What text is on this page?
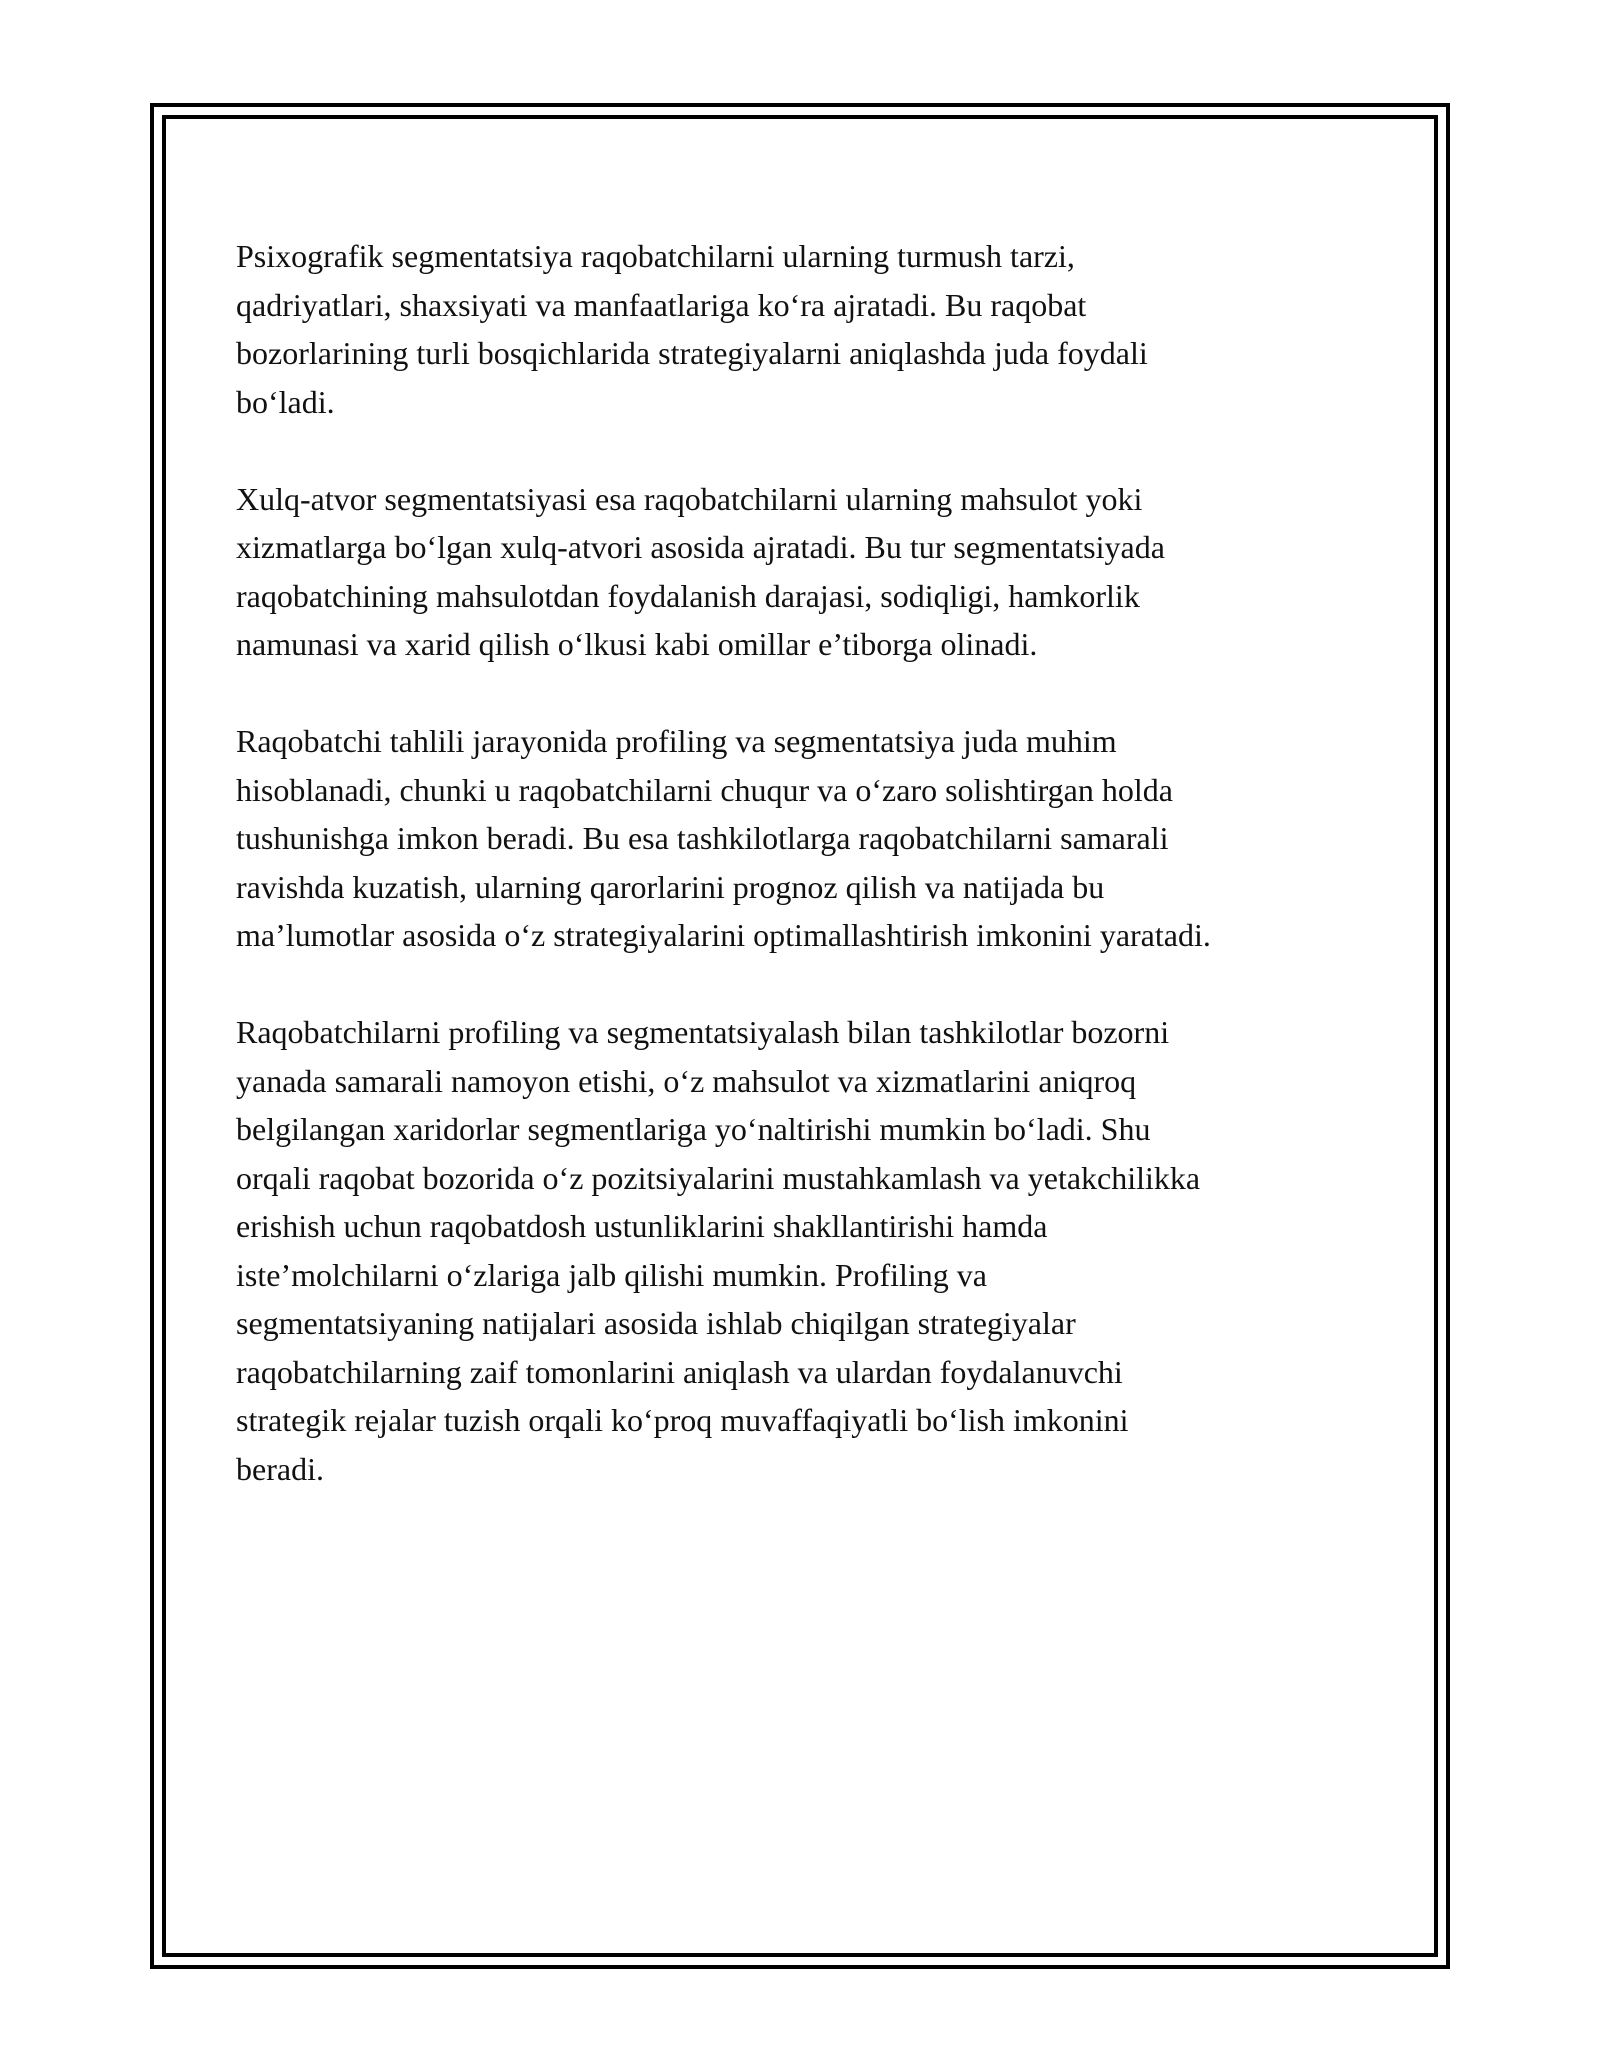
Psixografik segmentatsiya raqobatchilarni ularning turmush tarzi,
qadriyatlari, shaxsiyati va manfaatlariga koʻra ajratadi. Bu raqobat
bozorlarining turli bosqichlarida strategiyalarni aniqlashda juda foydali
boʻladi.

Xulq-atvor segmentatsiyasi esa raqobatchilarni ularning mahsulot yoki
xizmatlarga boʻlgan xulq-atvori asosida ajratadi. Bu tur segmentatsiyada
raqobatchining mahsulotdan foydalanish darajasi, sodiqligi, hamkorlik
namunasi va xarid qilish oʻlkusi kabi omillar e’tiborga olinadi.

Raqobatchi tahlili jarayonida profiling va segmentatsiya juda muhim
hisoblanadi, chunki u raqobatchilarni chuqur va oʻzaro solishtirgan holda
tushunishga imkon beradi. Bu esa tashkilotlarga raqobatchilarni samarali
ravishda kuzatish, ularning qarorlarini prognoz qilish va natijada bu
ma’lumotlar asosida oʻz strategiyalarini optimallashtirish imkonini yaratadi.

Raqobatchilarni profiling va segmentatsiyalash bilan tashkilotlar bozorni
yanada samarali namoyon etishi, oʻz mahsulot va xizmatlarini aniqroq
belgilangan xaridorlar segmentlariga yoʻnaltirishi mumkin boʻladi. Shu
orqali raqobat bozorida oʻz pozitsiyalarini mustahkamlash va yetakchilikka
erishish uchun raqobatdosh ustunliklarini shakllantirishi hamda
iste’molchilarni oʻzlariga jalb qilishi mumkin. Profiling va
segmentatsiyaning natijalari asosida ishlab chiqilgan strategiyalar
raqobatchilarning zaif tomonlarini aniqlash va ulardan foydalanuvchi
strategik rejalar tuzish orqali koʻproq muvaffaqiyatli boʻlish imkonini
beradi.
